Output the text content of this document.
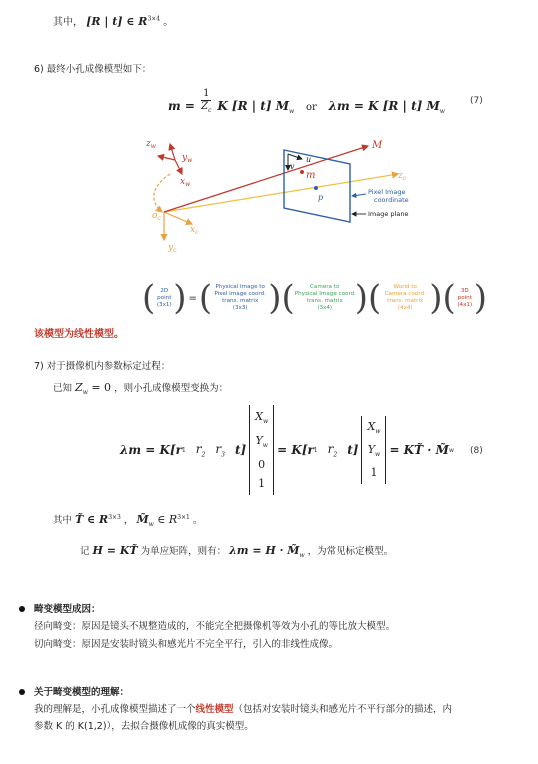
其中， [R | t] ∈ $R^{3\times 4}$ 。
6) 最终小孔成像模型如下：
$m = \frac{1}{Z_c}$ K [R | t] $M_w$ $_{or}$ λm = K [R | t] $M_w$
(7)
$z_w$
$y_w$
$x_w$
$o_c$
$x_c$
$y_c$
$z_c$
M
u
v
m
p
Pixel Image coordinate
Image plane
( 2D
point
(3x1) ) = ( Physical Image to
Pixel Image coord.
trans. matrix
(3x3) ) (	Camera to
Physical Image coord.
trans. matrix
(3x4) ) (	World to
Camera coord.
trans. matrix
(4x4) ) ( 3D
point
(4x1) )
该模型为线性模型。
7) 对于摄像机内参数标定过程：
已知 $Z_w = 0$ ，则小孔成像模型变换为：
λm = K[r 1 $r_2$ $r_3$ t]
$X_w$
$Y_w$
0
1
= K[r 1 $r_2$ t]
$X_w$
$Y_w$
1
= KT̃ · M̃ w (8)
其中 T̃ ∈ $R^{3\times 3}$ ， $M̃_w$ ∈ $R^{3\times 1}$ 。
记 H = KT̃ 为单应矩阵，则有： $\lambda m = H \cdot M̃_w$ ，为常见标定模型。
畸变模型成因：
径向畸变：原因是镜头不规整造成的，不能完全把摄像机等效为小孔的等比放大模型。
切向畸变：原因是安装时镜头和感光片不完全平行，引入的非线性成像。
关于畸变模型的理解：
我的理解是，小孔成像模型描述了一个线性模型（包括对安装时镜头和感光片不平行部分的描述，内
参数 K 的 K(1,2)），去拟合摄像机成像的真实模型。
